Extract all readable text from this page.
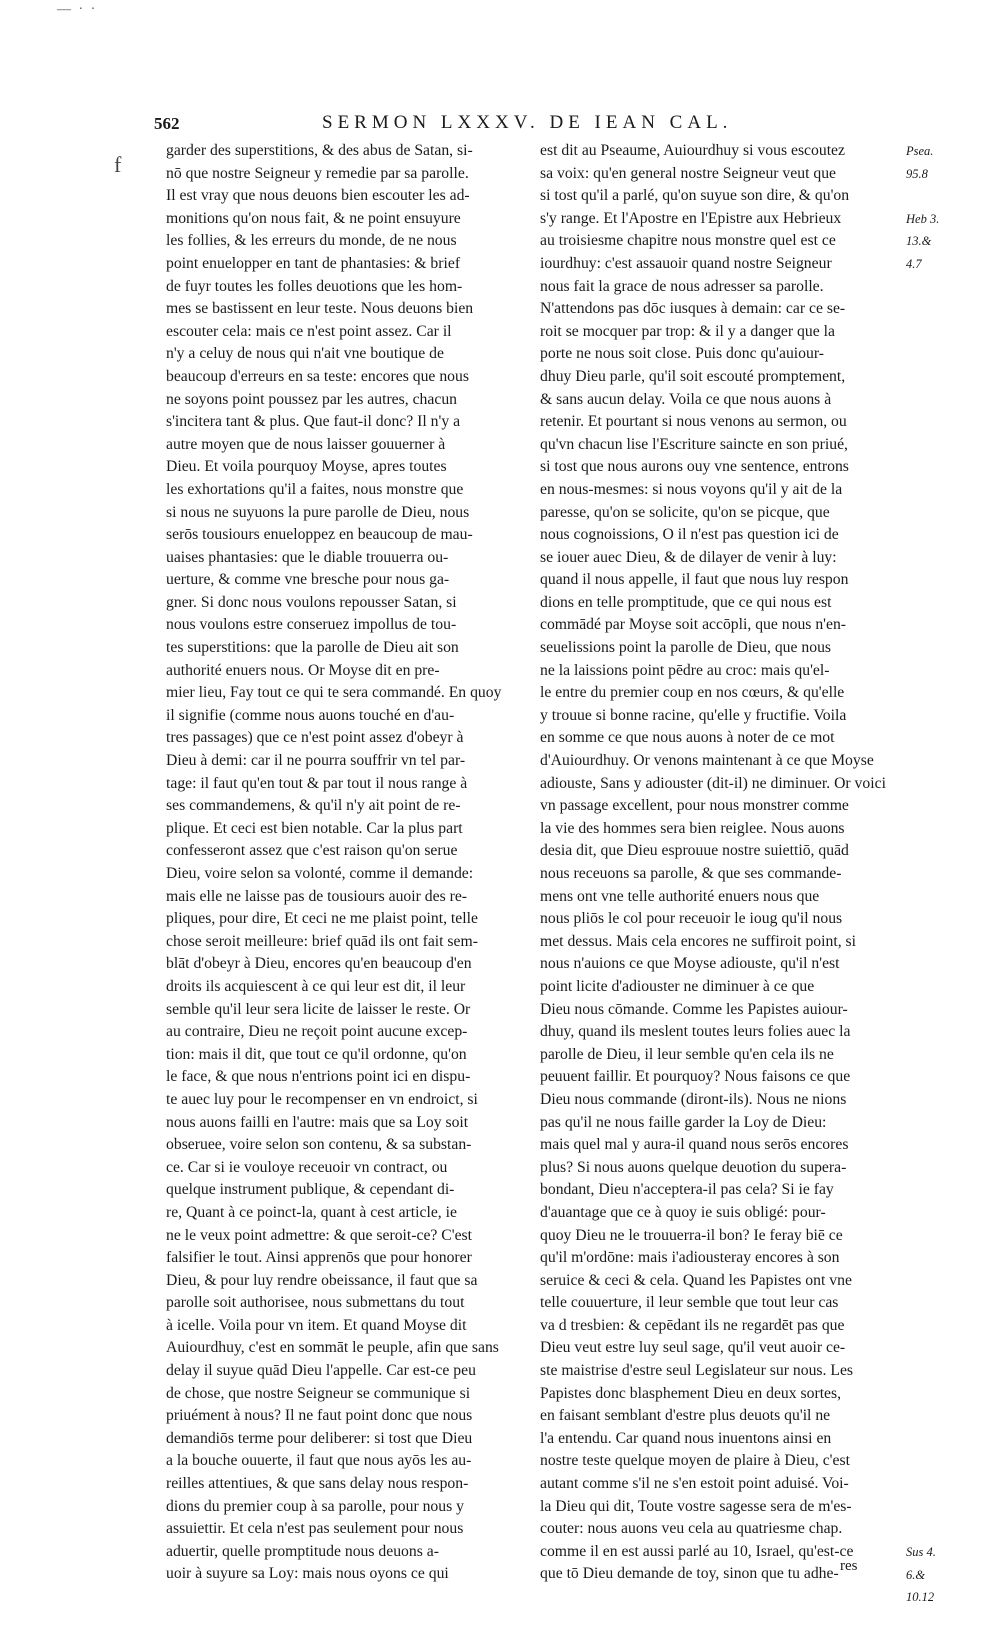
— · ·
562	SERMON LXXXV. DE IEAN CAL.
f
garder des superstitions, & des abus de Satan, si-
nō que nostre Seigneur y remedie par sa parolle.
Il est vray que nous deuons bien escouter les ad-
monitions qu'on nous fait, & ne point ensuyure
les follies, & les erreurs du monde, de ne nous
point enuelopper en tant de phantasies: & brief
de fuyr toutes les folles deuotions que les hom-
mes se bastissent en leur teste. Nous deuons bien
escouter cela: mais ce n'est point assez. Car il
n'y a celuy de nous qui n'ait vne boutique de
beaucoup d'erreurs en sa teste: encores que nous
ne soyons point poussez par les autres, chacun
s'incitera tant & plus. Que faut-il donc? Il n'y a
autre moyen que de nous laisser gouuerner à
Dieu. Et voila pourquoy Moyse, apres toutes
les exhortations qu'il a faites, nous monstre que
si nous ne suyuons la pure parolle de Dieu, nous
serōs tousiours enueloppez en beaucoup de mau-
uaises phantasies: que le diable trouuerra ou-
uerture, & comme vne bresche pour nous ga-
gner. Si donc nous voulons repousser Satan, si
nous voulons estre conseruez impollus de tou-
tes superstitions: que la parolle de Dieu ait son
authorité enuers nous. Or Moyse dit en pre-
mier lieu, Fay tout ce qui te sera commandé. En quoy
il signifie (comme nous auons touché en d'au-
tres passages) que ce n'est point assez d'obeyr à
Dieu à demi: car il ne pourra souffrir vn tel par-
tage: il faut qu'en tout & par tout il nous range à
ses commandemens, & qu'il n'y ait point de re-
plique. Et ceci est bien notable. Car la plus part
confesseront assez que c'est raison qu'on serue
Dieu, voire selon sa volonté, comme il demande:
mais elle ne laisse pas de tousiours auoir des re-
pliques, pour dire, Et ceci ne me plaist point, telle
chose seroit meilleure: brief quād ils ont fait sem-
blāt d'obeyr à Dieu, encores qu'en beaucoup d'en
droits ils acquiescent à ce qui leur est dit, il leur
semble qu'il leur sera licite de laisser le reste. Or
au contraire, Dieu ne reçoit point aucune excep-
tion: mais il dit, que tout ce qu'il ordonne, qu'on
le face, & que nous n'entrions point ici en dispu-
te auec luy pour le recompenser en vn endroict, si
nous auons failli en l'autre: mais que sa Loy soit
obseruee, voire selon son contenu, & sa substan-
ce. Car si ie vouloye receuoir vn contract, ou
quelque instrument publique, & cependant di-
re, Quant à ce poinct-la, quant à cest article, ie
ne le veux point admettre: & que seroit-ce? C'est
falsifier le tout. Ainsi apprenōs que pour honorer
Dieu, & pour luy rendre obeissance, il faut que sa
parolle soit authorisee, nous submettans du tout
à icelle. Voila pour vn item. Et quand Moyse dit
Auiourdhuy, c'est en sommāt le peuple, afin que sans
delay il suyue quād Dieu l'appelle. Car est-ce peu
de chose, que nostre Seigneur se communique si
priuément à nous? Il ne faut point donc que nous
demandiōs terme pour deliberer: si tost que Dieu
a la bouche ouuerte, il faut que nous ayōs les au-
reilles attentiues, & que sans delay nous respon-
dions du premier coup à sa parolle, pour nous y
assuiettir. Et cela n'est pas seulement pour nous
aduertir, quelle promptitude nous deuons a-
uoir à suyure sa Loy: mais nous oyons ce qui
est dit au Pseaume, Auiourdhuy si vous escoutez
sa voix: qu'en general nostre Seigneur veut que
si tost qu'il a parlé, qu'on suyue son dire, & qu'on
s'y range. Et l'Apostre en l'Epistre aux Hebrieux
au troisiesme chapitre nous monstre quel est ce
iourdhuy: c'est assauoir quand nostre Seigneur
nous fait la grace de nous adresser sa parolle.
N'attendons pas dōc iusques à demain: car ce se-
roit se mocquer par trop: & il y a danger que la
porte ne nous soit close. Puis donc qu'auiour-
dhuy Dieu parle, qu'il soit escouté promptement,
& sans aucun delay. Voila ce que nous auons à
retenir. Et pourtant si nous venons au sermon, ou
qu'vn chacun lise l'Escriture saincte en son priué,
si tost que nous aurons ouy vne sentence, entrons
en nous-mesmes: si nous voyons qu'il y ait de la
paresse, qu'on se solicite, qu'on se picque, que
nous cognoissions, O il n'est pas question ici de
se iouer auec Dieu, & de dilayer de venir à luy:
quand il nous appelle, il faut que nous luy respon
dions en telle promptitude, que ce qui nous est
commādé par Moyse soit accōpli, que nous n'en-
seuelissions point la parolle de Dieu, que nous
ne la laissions point pēdre au croc: mais qu'el-
le entre du premier coup en nos cœurs, & qu'elle
y trouue si bonne racine, qu'elle y fructifie. Voila
en somme ce que nous auons à noter de ce mot
d'Auiourdhuy. Or venons maintenant à ce que Moyse
adiouste, Sans y adiouster (dit-il) ne diminuer. Or voici
vn passage excellent, pour nous monstrer comme
la vie des hommes sera bien reiglee. Nous auons
desia dit, que Dieu esprouue nostre suiettiō, quād
nous receuons sa parolle, & que ses commande-
mens ont vne telle authorité enuers nous que
nous pliōs le col pour receuoir le ioug qu'il nous
met dessus. Mais cela encores ne suffiroit point, si
nous n'auions ce que Moyse adiouste, qu'il n'est
point licite d'adiouster ne diminuer à ce que
Dieu nous cōmande. Comme les Papistes auiour-
dhuy, quand ils meslent toutes leurs folies auec la
parolle de Dieu, il leur semble qu'en cela ils ne
peuuent faillir. Et pourquoy? Nous faisons ce que
Dieu nous commande (diront-ils). Nous ne nions
pas qu'il ne nous faille garder la Loy de Dieu:
mais quel mal y aura-il quand nous serōs encores
plus? Si nous auons quelque deuotion du supera-
bondant, Dieu n'acceptera-il pas cela? Si ie fay
d'auantage que ce à quoy ie suis obligé: pour-
quoy Dieu ne le trouuerra-il bon? Ie feray biē ce
qu'il m'ordōne: mais i'adiousteray encores à son
seruice & ceci & cela. Quand les Papistes ont vne
telle couuerture, il leur semble que tout leur cas
va d tresbien: & cepēdant ils ne regardēt pas que
Dieu veut estre luy seul sage, qu'il veut auoir ce-
ste maistrise d'estre seul Legislateur sur nous. Les
Papistes donc blasphement Dieu en deux sortes,
en faisant semblant d'estre plus deuots qu'il ne
l'a entendu. Car quand nous inuentons ainsi en
nostre teste quelque moyen de plaire à Dieu, c'est
autant comme s'il ne s'en estoit point aduisé. Voi-
la Dieu qui dit, Toute vostre sagesse sera de m'es-
couter: nous auons veu cela au quatriesme chap.
comme il en est aussi parlé au 10, Israel, qu'est-ce
que tō Dieu demande de toy, sinon que tu adhe-
Psea.
95.8
Heb 3.
13.&
4.7
Sus 4.
6.&
10.12
res
